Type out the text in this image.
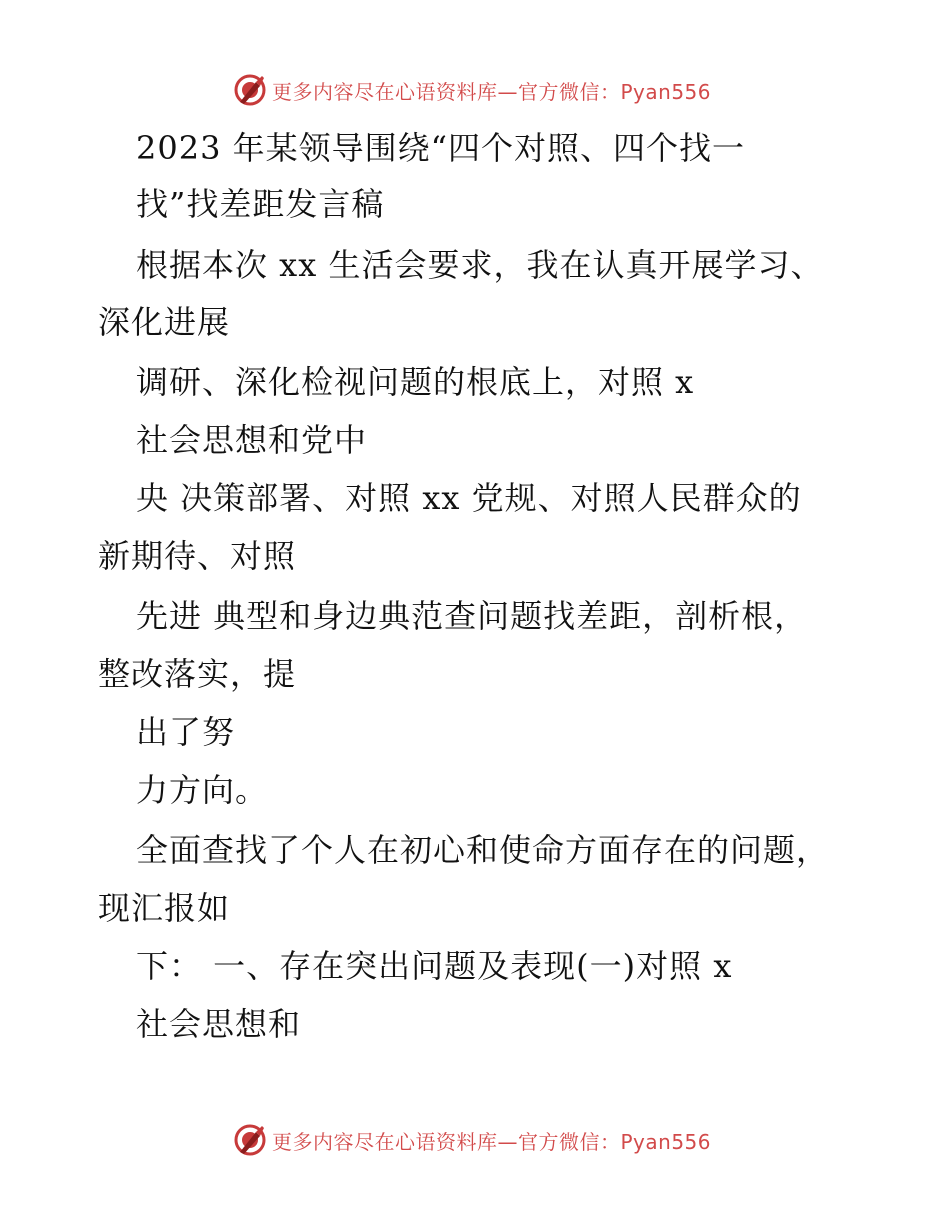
更多内容尽在心语资料库—官方微信：Pyan556
2023 年某领导围绕“四个对照、四个找一
找”找差距发言稿
根据本次 xx 生活会要求，我在认真开展学习、
深化进展
调研、深化检视问题的根底上，对照 x
社会思想和党中
央 决策部署、对照 xx 党规、对照人民群众的
新期待、对照
先进 典型和身边典范查问题找差距，剖析根，
整改落实，提
出了努
力方向。
全面查找了个人在初心和使命方面存在的问题，
现汇报如
下： 一、存在突出问题及表现(一)对照 x
社会思想和
更多内容尽在心语资料库—官方微信：Pyan556
